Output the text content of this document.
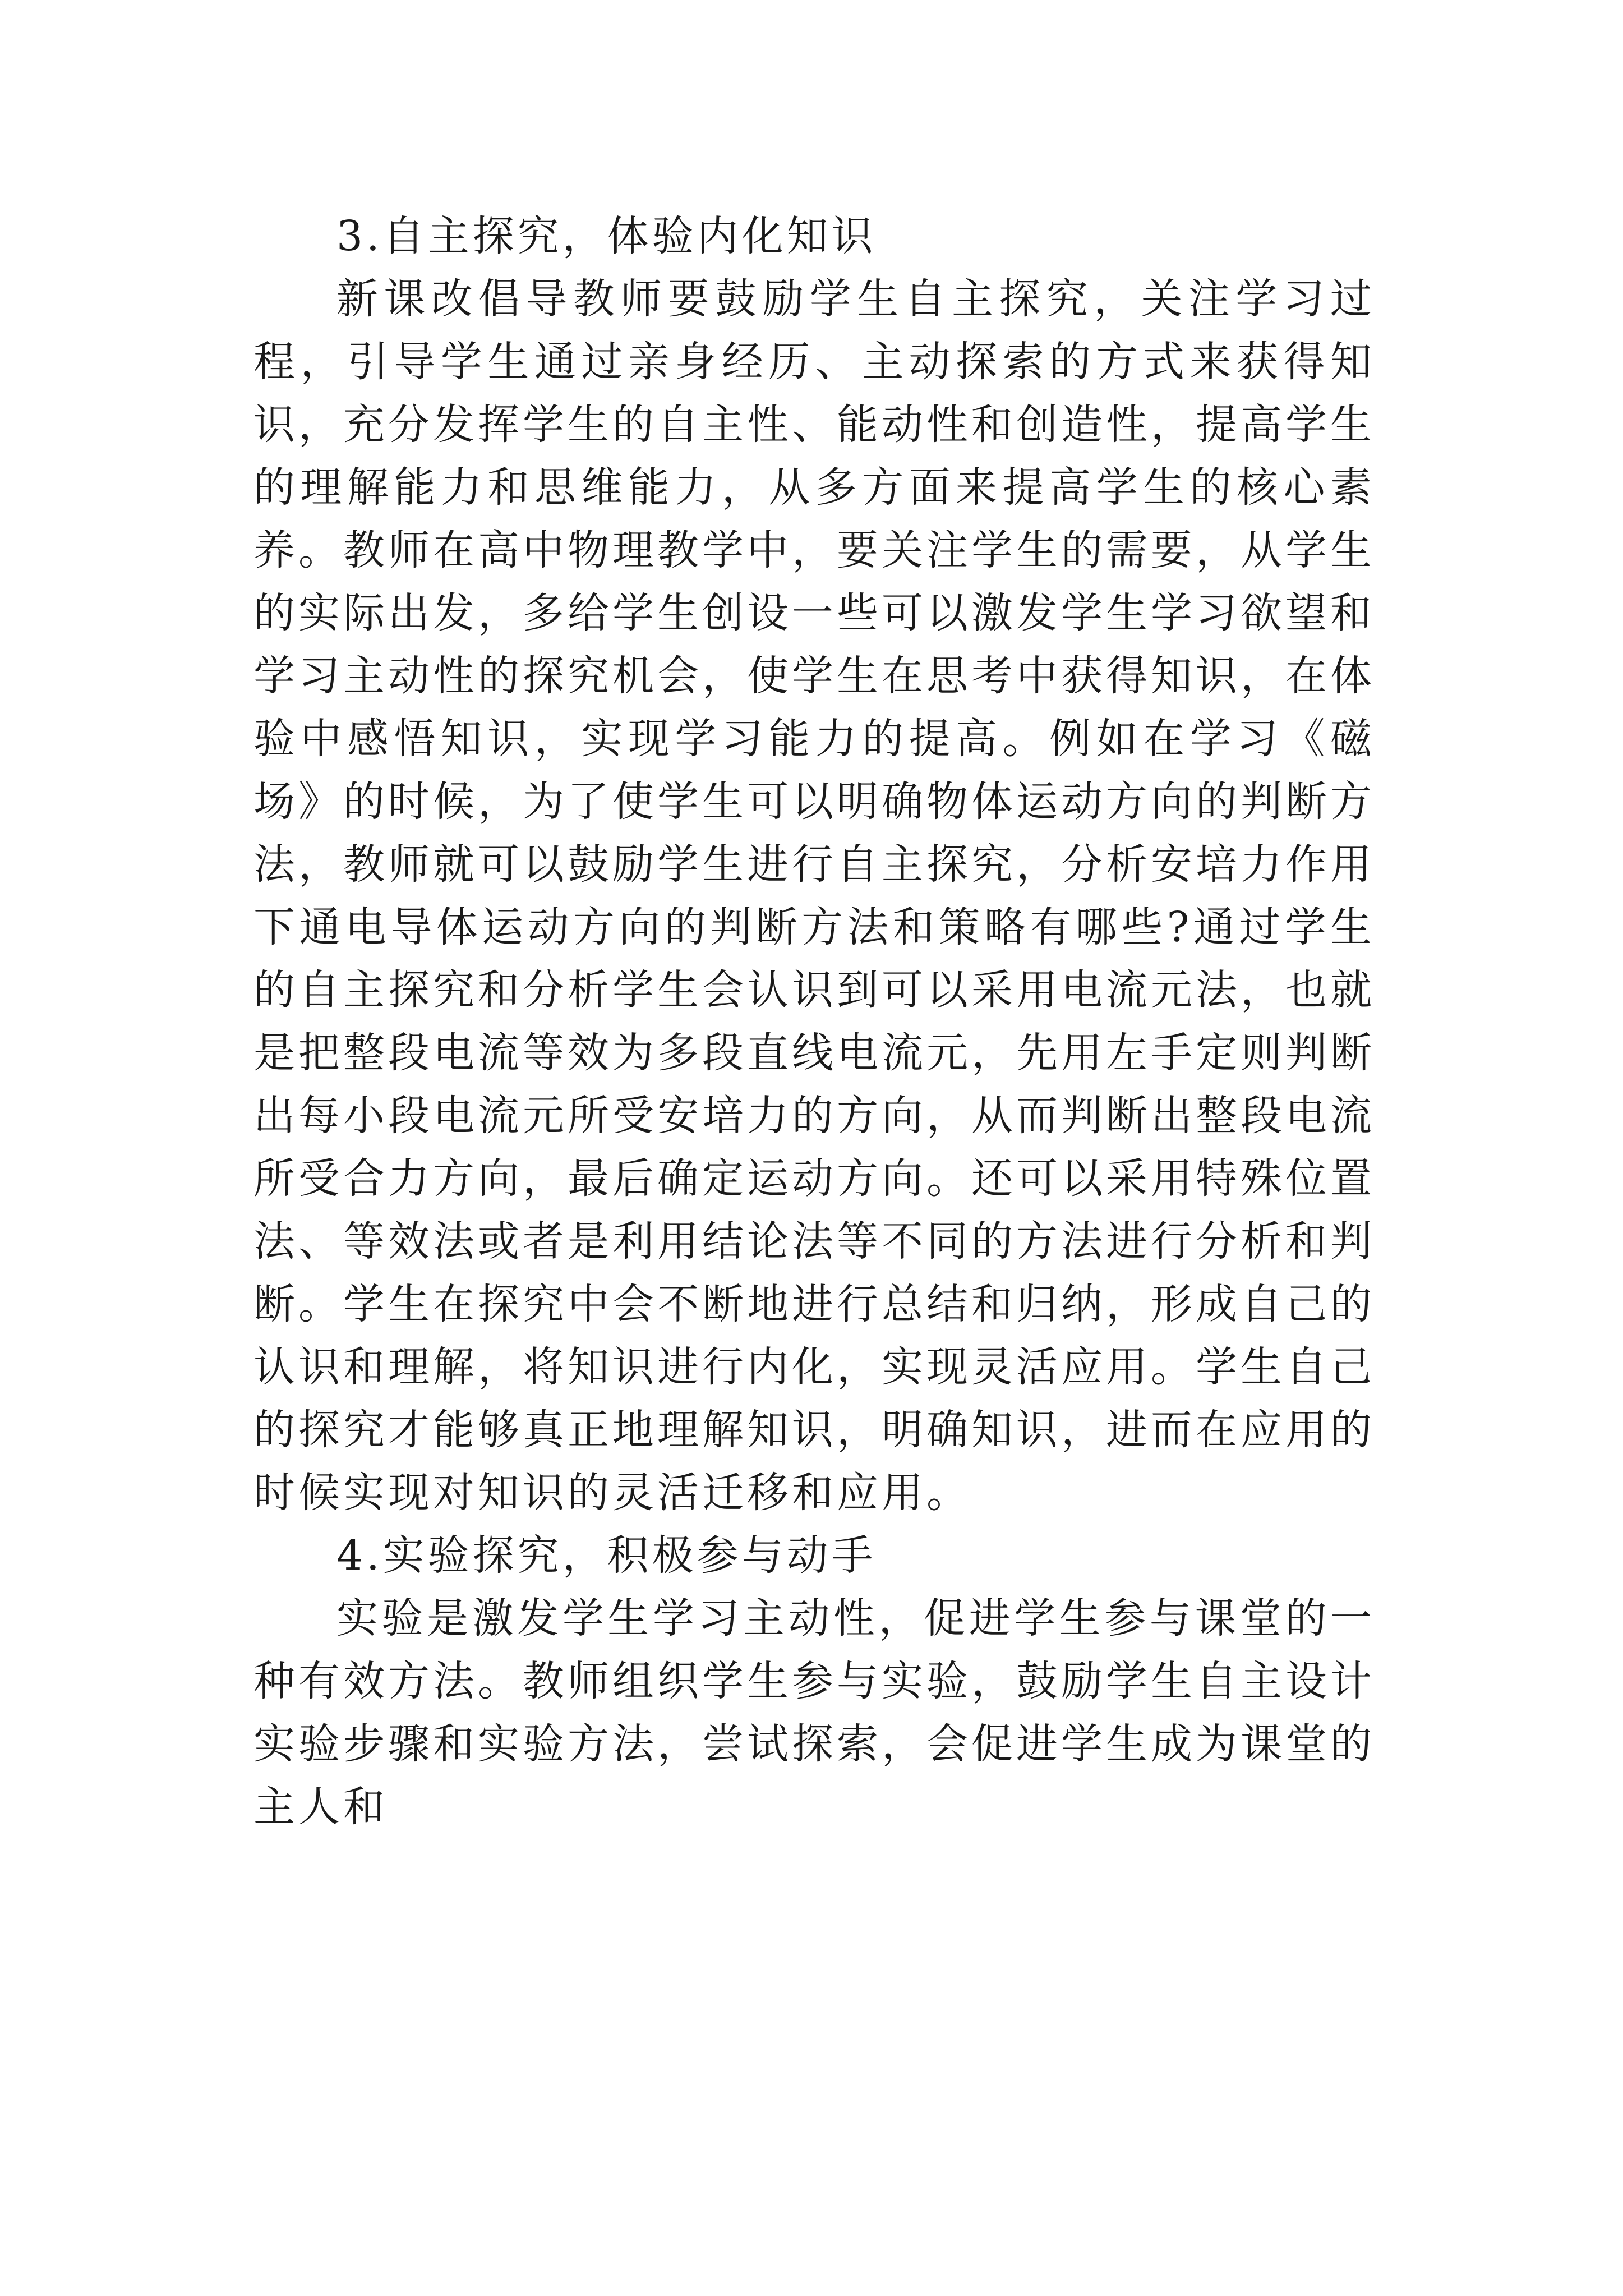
3.自主探究，体验内化知识

新课改倡导教师要鼓励学生自主探究，关注学习过程，引导学生通过亲身经历、主动探索的方式来获得知识，充分发挥学生的自主性、能动性和创造性，提高学生的理解能力和思维能力，从多方面来提高学生的核心素养。教师在高中物理教学中，要关注学生的需要，从学生的实际出发，多给学生创设一些可以激发学生学习欲望和学习主动性的探究机会，使学生在思考中获得知识，在体验中感悟知识，实现学习能力的提高。例如在学习《磁场》的时候，为了使学生可以明确物体运动方向的判断方法，教师就可以鼓励学生进行自主探究，分析安培力作用下通电导体运动方向的判断方法和策略有哪些?通过学生的自主探究和分析学生会认识到可以采用电流元法，也就是把整段电流等效为多段直线电流元，先用左手定则判断出每小段电流元所受安培力的方向，从而判断出整段电流所受合力方向，最后确定运动方向。还可以采用特殊位置法、等效法或者是利用结论法等不同的方法进行分析和判断。学生在探究中会不断地进行总结和归纳，形成自己的认识和理解，将知识进行内化，实现灵活应用。学生自己的探究才能够真正地理解知识，明确知识，进而在应用的时候实现对知识的灵活迁移和应用。

4.实验探究，积极参与动手

实验是激发学生学习主动性，促进学生参与课堂的一种有效方法。教师组织学生参与实验，鼓励学生自主设计实验步骤和实验方法，尝试探索，会促进学生成为课堂的主人和
